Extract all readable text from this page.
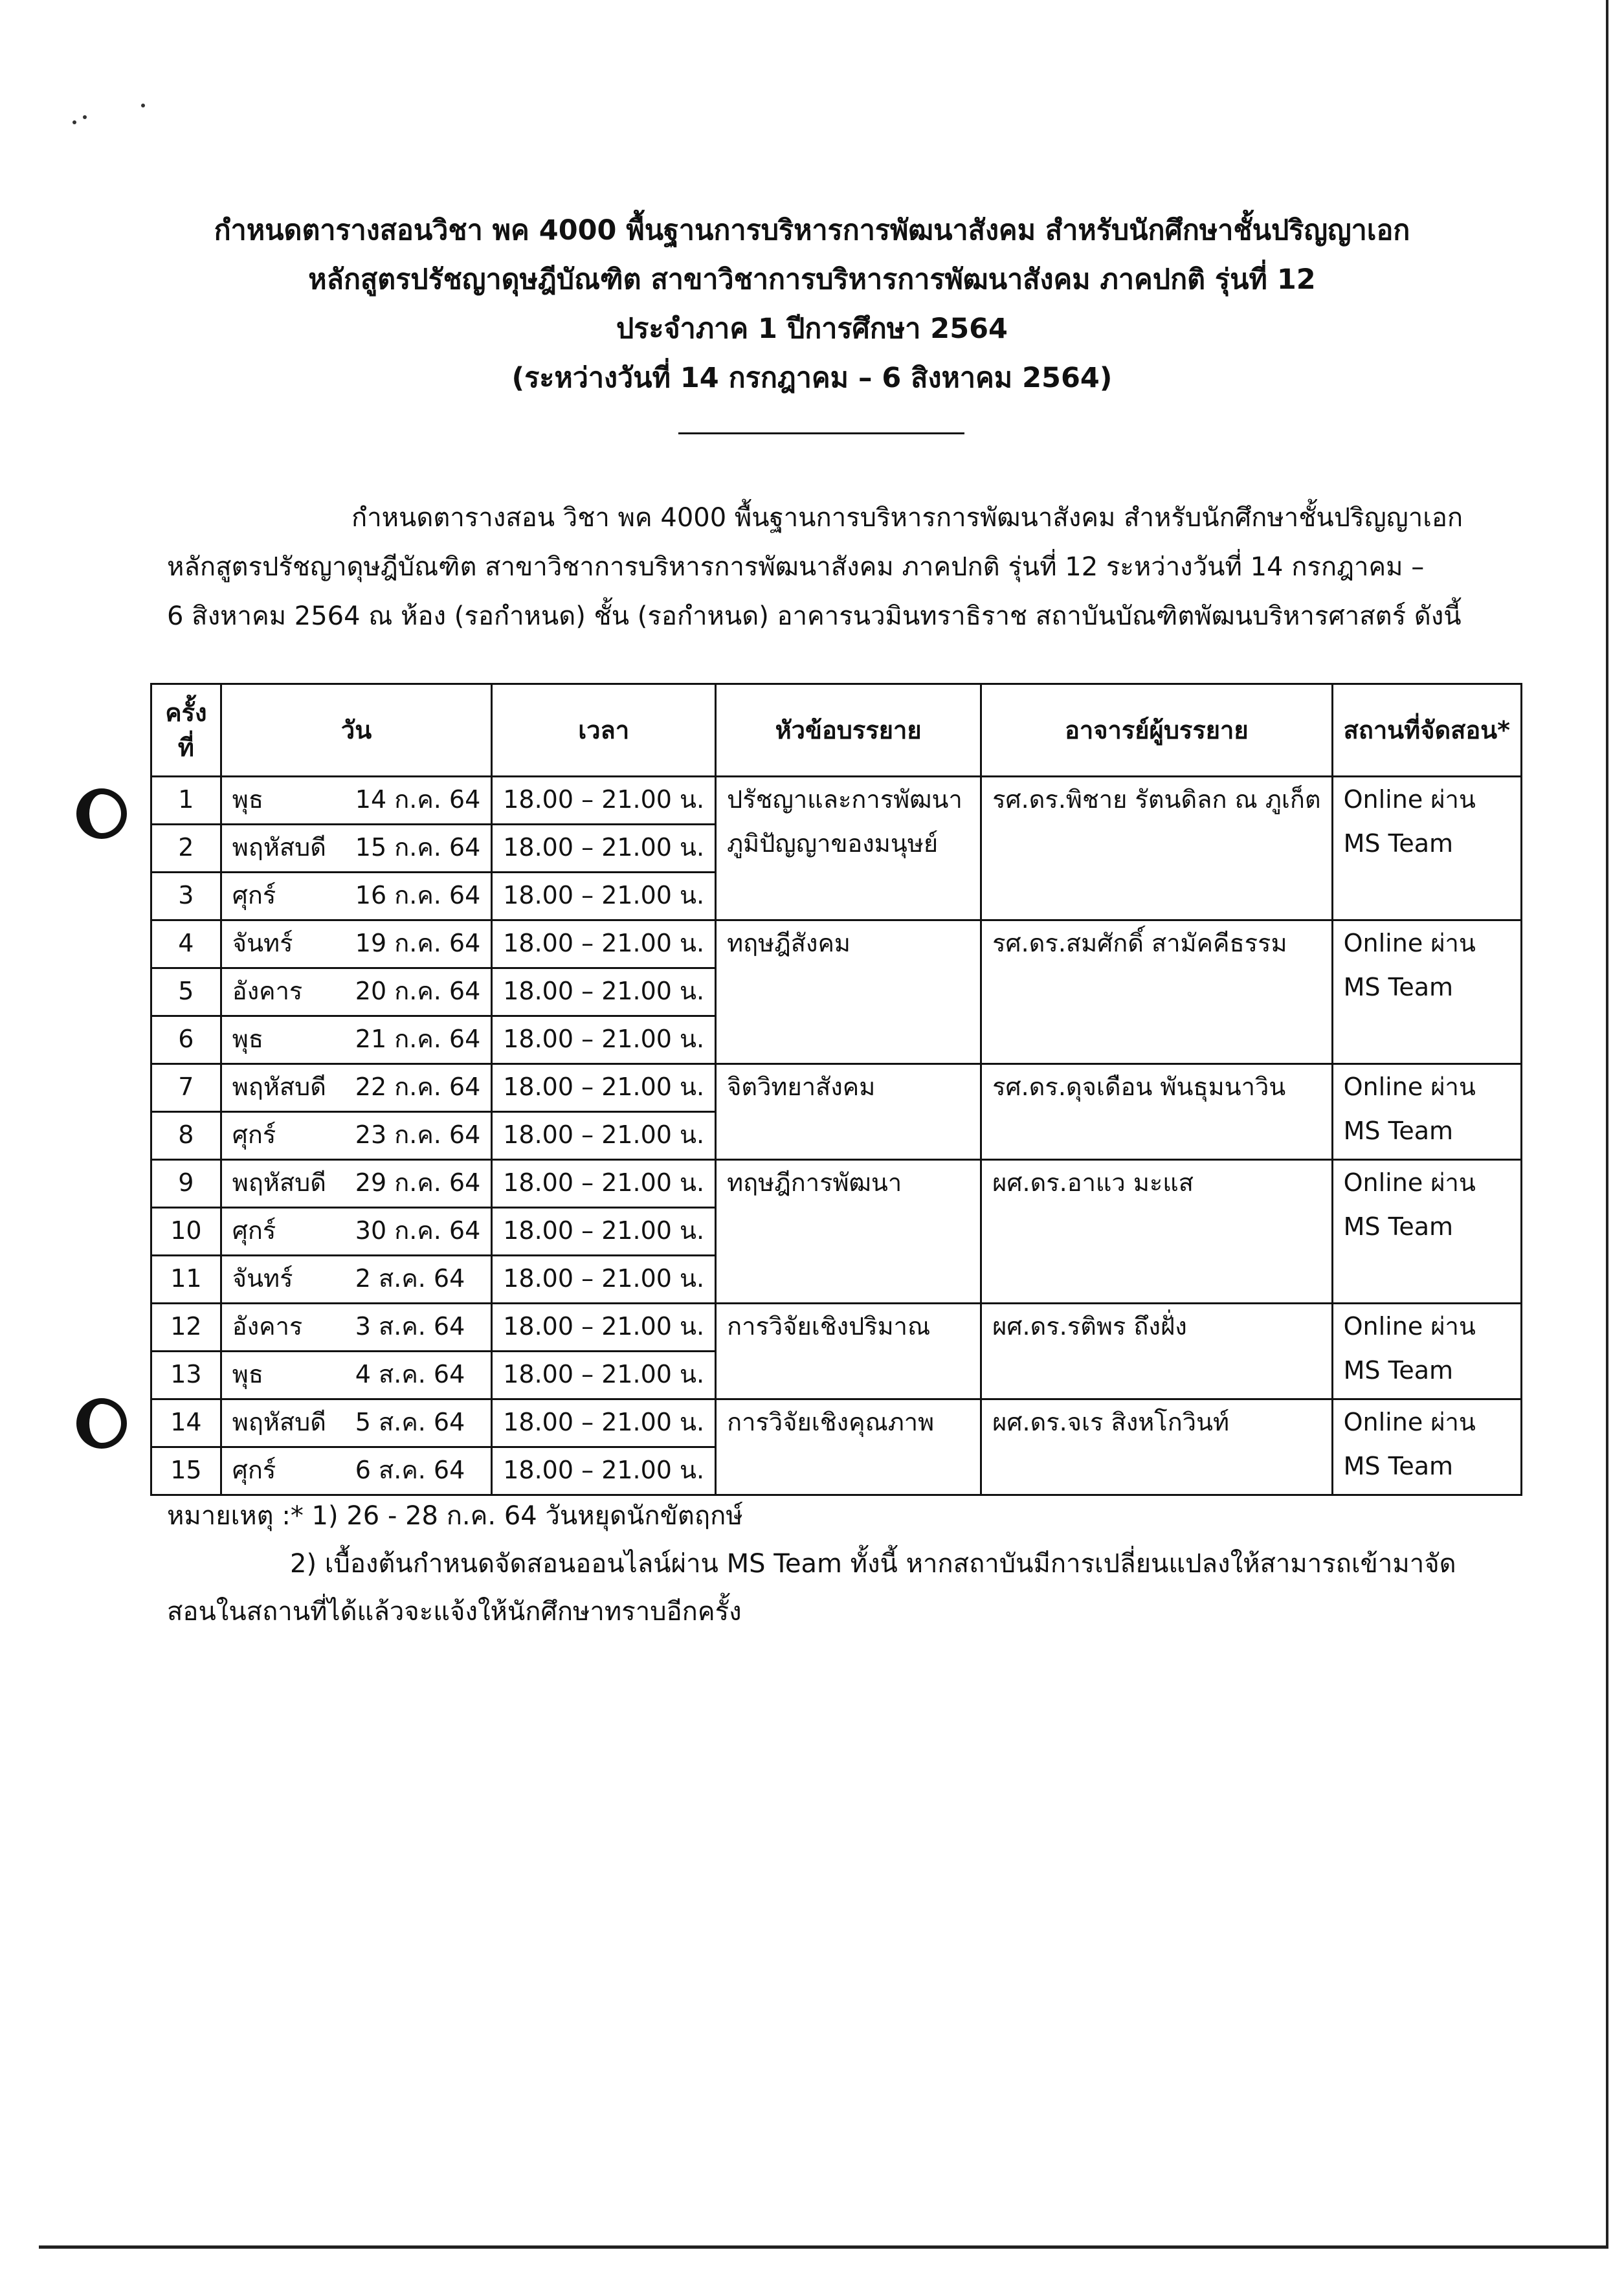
กำหนดตารางสอนวิชา พค 4000 พื้นฐานการบริหารการพัฒนาสังคม สำหรับนักศึกษาชั้นปริญญาเอก
หลักสูตรปรัชญาดุษฎีบัณฑิต สาขาวิชาการบริหารการพัฒนาสังคม ภาคปกติ รุ่นที่ 12
ประจำภาค 1 ปีการศึกษา 2564
(ระหว่างวันที่ 14 กรกฎาคม – 6 สิงหาคม 2564)
กำหนดตารางสอน วิชา พค 4000 พื้นฐานการบริหารการพัฒนาสังคม สำหรับนักศึกษาชั้นปริญญาเอก
หลักสูตรปรัชญาดุษฎีบัณฑิต สาขาวิชาการบริหารการพัฒนาสังคม ภาคปกติ รุ่นที่ 12 ระหว่างวันที่ 14 กรกฎาคม –
6 สิงหาคม 2564 ณ ห้อง (รอกำหนด) ชั้น (รอกำหนด) อาคารนวมินทราธิราช สถาบันบัณฑิตพัฒนบริหารศาสตร์ ดังนี้
ครั้ง
ที่	วัน	เวลา	หัวข้อบรรยาย	อาจารย์ผู้บรรยาย	สถานที่จัดสอน*
1	พุธ 14 ก.ค. 64	18.00 – 21.00 น.	ปรัชญาและการพัฒนา
ภูมิปัญญาของมนุษย์	รศ.ดร.พิชาย รัตนดิลก ณ ภูเก็ต	Online ผ่าน
MS Team
2	พฤหัสบดี 15 ก.ค. 64	18.00 – 21.00 น.			
3	ศุกร์ 16 ก.ค. 64	18.00 – 21.00 น.			
4	จันทร์ 19 ก.ค. 64	18.00 – 21.00 น.	ทฤษฎีสังคม	รศ.ดร.สมศักดิ์ สามัคคีธรรม	Online ผ่าน
MS Team
5	อังคาร 20 ก.ค. 64	18.00 – 21.00 น.			
6	พุธ 21 ก.ค. 64	18.00 – 21.00 น.			
7	พฤหัสบดี 22 ก.ค. 64	18.00 – 21.00 น.	จิตวิทยาสังคม	รศ.ดร.ดุจเดือน พันธุมนาวิน	Online ผ่าน
MS Team
8	ศุกร์ 23 ก.ค. 64	18.00 – 21.00 น.			
9	พฤหัสบดี 29 ก.ค. 64	18.00 – 21.00 น.	ทฤษฎีการพัฒนา	ผศ.ดร.อาแว มะแส	Online ผ่าน
MS Team
10	ศุกร์ 30 ก.ค. 64	18.00 – 21.00 น.			
11	จันทร์ 2 ส.ค. 64	18.00 – 21.00 น.			
12	อังคาร 3 ส.ค. 64	18.00 – 21.00 น.	การวิจัยเชิงปริมาณ	ผศ.ดร.รติพร ถึงฝั่ง	Online ผ่าน
MS Team
13	พุธ 4 ส.ค. 64	18.00 – 21.00 น.			
14	พฤหัสบดี 5 ส.ค. 64	18.00 – 21.00 น.	การวิจัยเชิงคุณภาพ	ผศ.ดร.จเร สิงหโกวินท์	Online ผ่าน
MS Team
15	ศุกร์ 6 ส.ค. 64	18.00 – 21.00 น.			
หมายเหตุ :* 1) 26 - 28 ก.ค. 64 วันหยุดนักขัตฤกษ์
2) เบื้องต้นกำหนดจัดสอนออนไลน์ผ่าน MS Team ทั้งนี้ หากสถาบันมีการเปลี่ยนแปลงให้สามารถเข้ามาจัด
สอนในสถานที่ได้แล้วจะแจ้งให้นักศึกษาทราบอีกครั้ง
